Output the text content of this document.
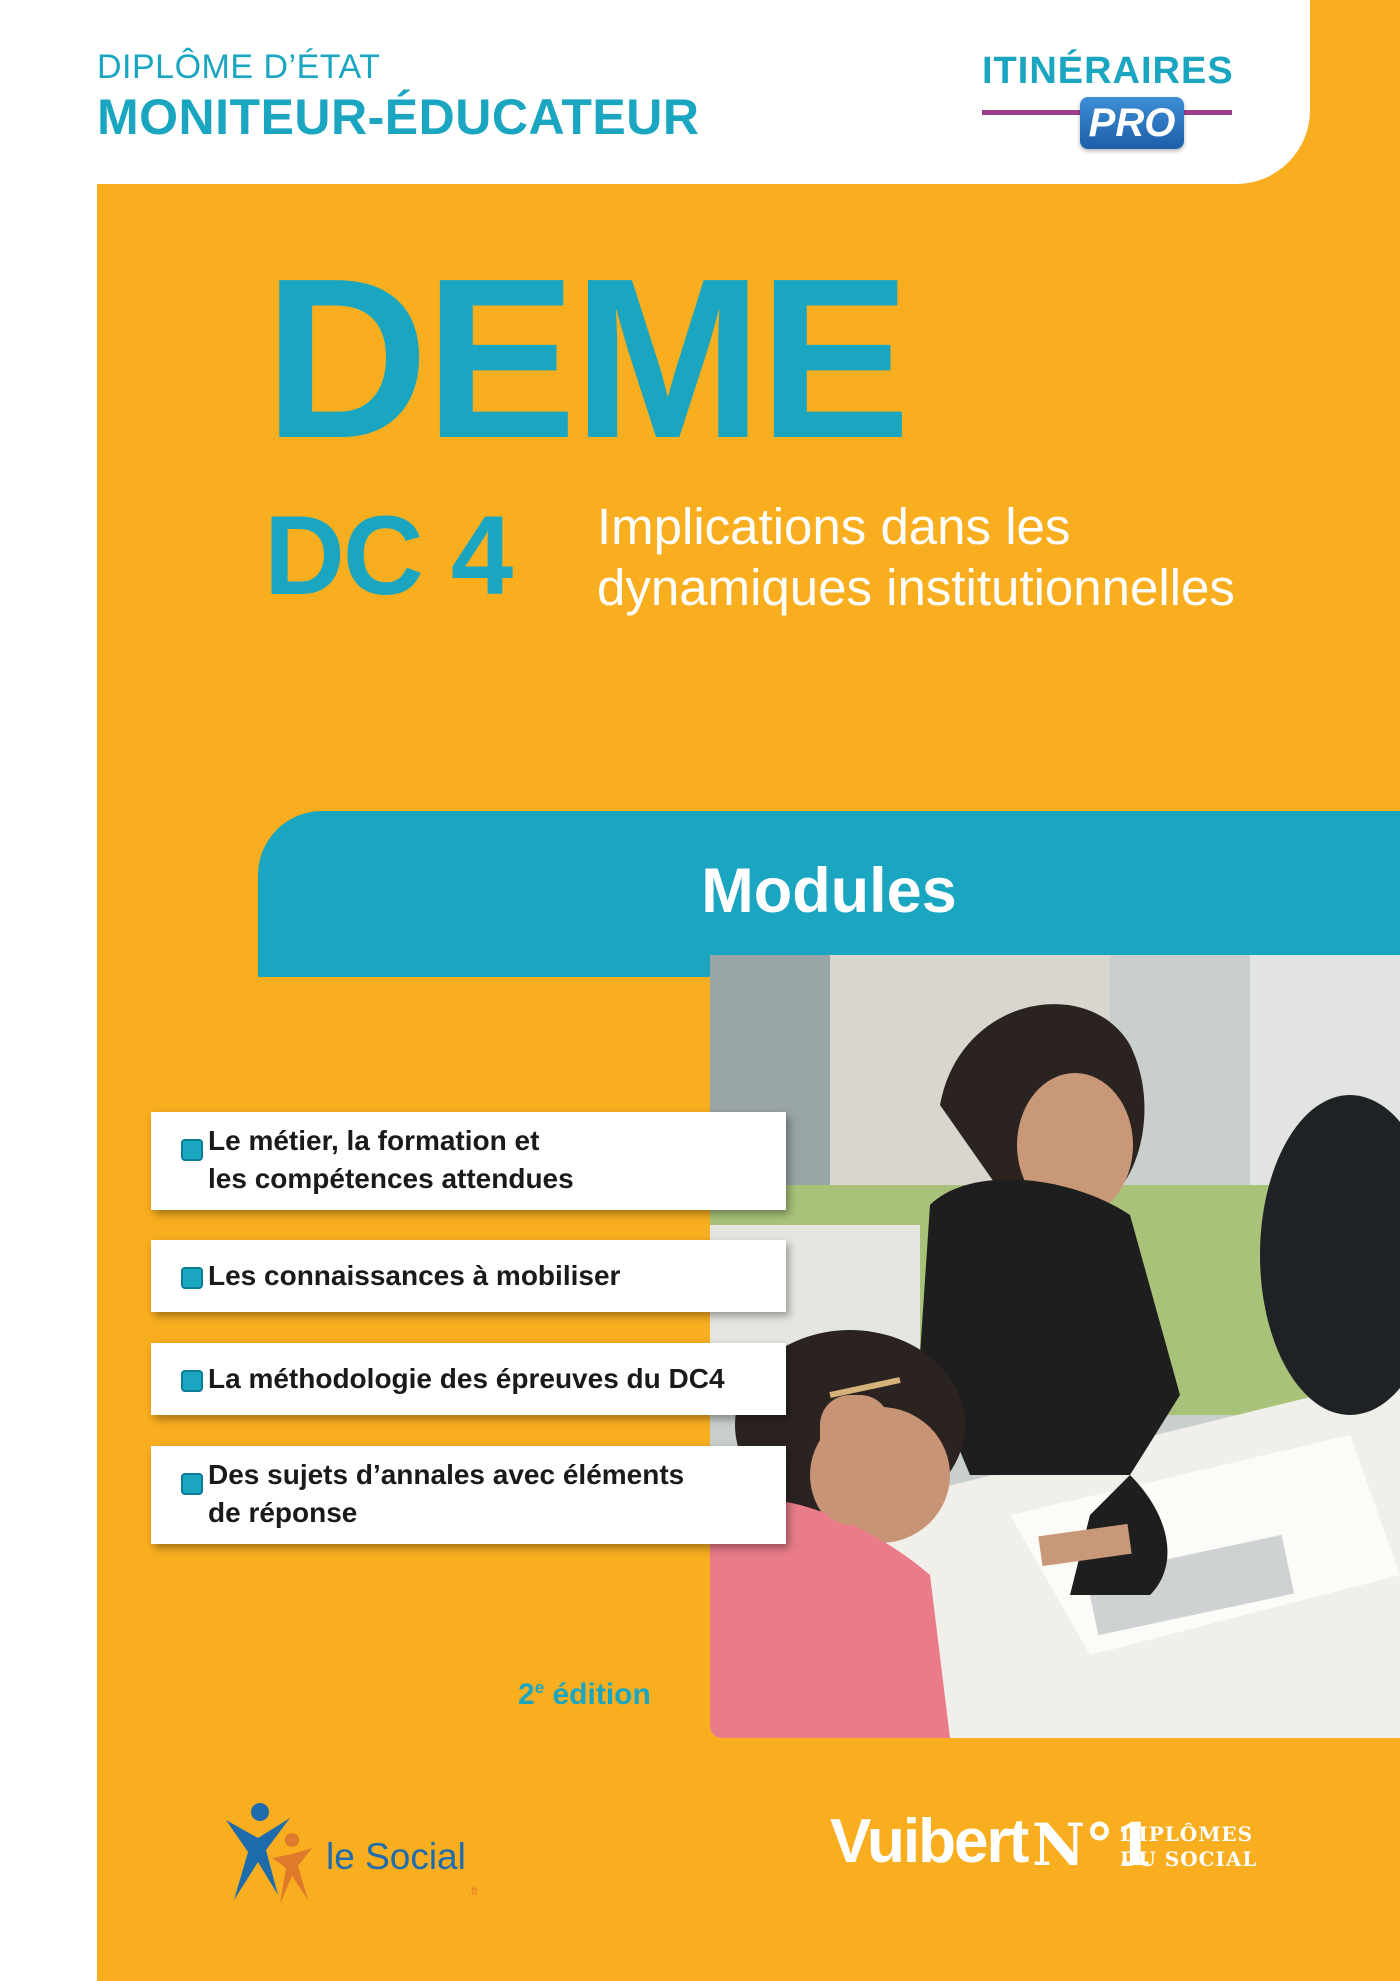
DIPLÔME D’ÉTAT
MONITEUR-ÉDUCATEUR
ITINÉRAIRES
PRO
DEME
DC 4 Implications dans les
dynamiques institutionnelles
Modules
Le métier, la formation et
les compétences attendues
Les connaissances à mobiliser
La méthodologie des épreuves du DC4
Des sujets d’annales avec éléments
de réponse
2e édition
le Social
.fr
Vuibert N°1
DIPLÔMES
DU SOCIAL
